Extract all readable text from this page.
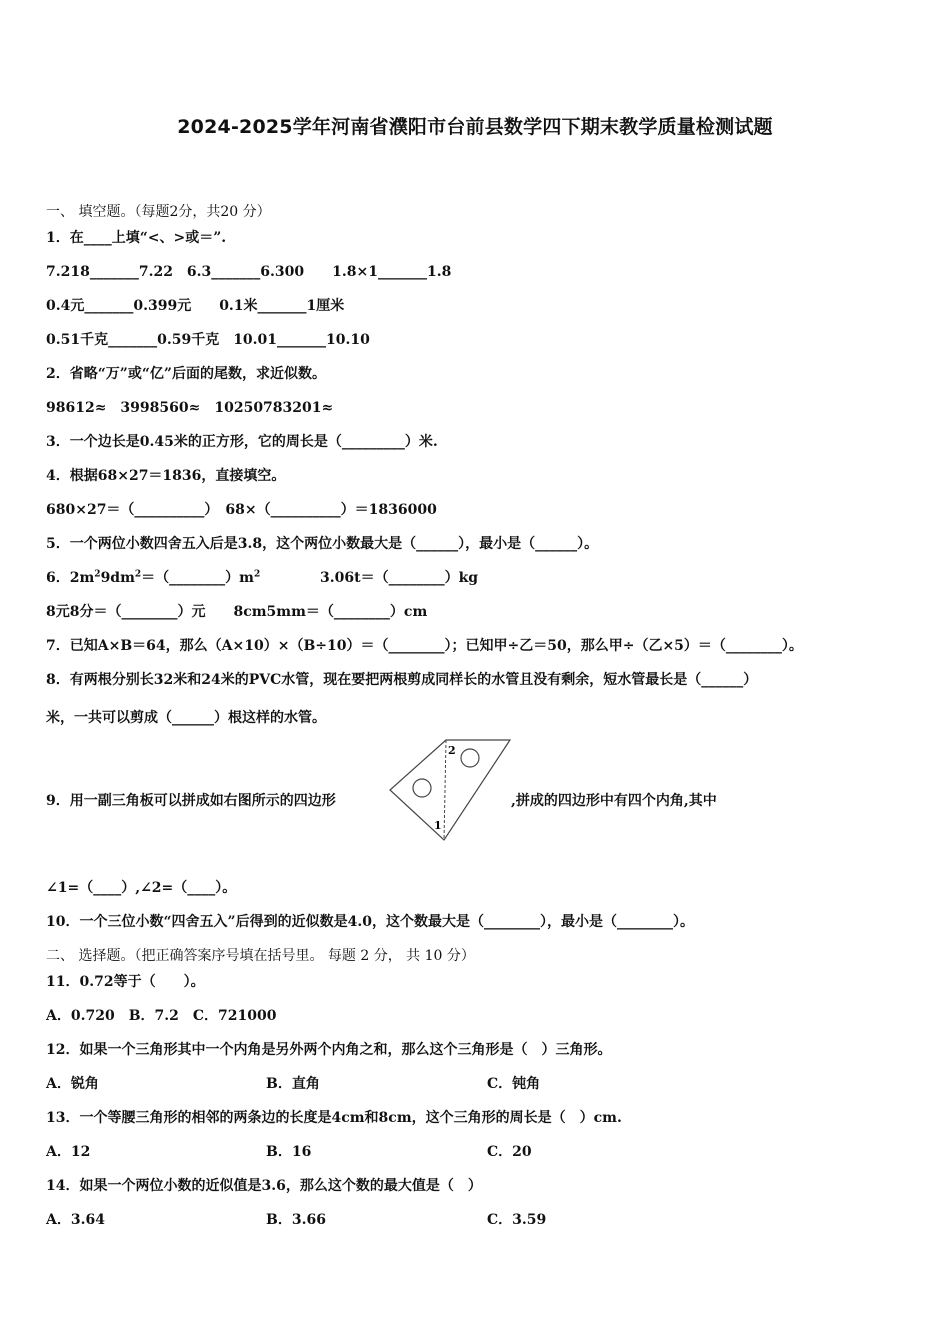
2024-2025学年河南省濮阳市台前县数学四下期末教学质量检测试题
一、 填空题。（每题2分，共20 分）
1．在____上填“<、>或＝”.
7.218_______7.22　6.3_______6.300　　1.8×1_______1.8
0.4元_______0.399元　　0.1米_______1厘米
0.51千克_______0.59千克　10.01_______10.10
2．省略“万”或“亿”后面的尾数，求近似数。
98612≈　3998560≈　10250783201≈
3．一个边长是0.45米的正方形，它的周长是（_________）米.
4．根据68×27＝1836，直接填空。
680×27＝（__________）　68×（__________）＝1836000
5．一个两位小数四舍五入后是3.8，这个两位小数最大是（______），最小是（______）。
6．$2m^29dm^2=(\_\_\_\_\_\_\_\_)m^2$	3.06t＝（________）kg
8元8分＝（________）元　　8cm5mm＝（________）cm
7．已知A×B＝64，那么（A×10）×（B÷10）＝（________）；已知甲÷乙＝50，那么甲÷（乙×5）＝（________）。
8．有两根分别长32米和24米的PVC水管，现在要把两根剪成同样长的水管且没有剩余，短水管最长是（______）
米，一共可以剪成（______）根这样的水管。
9．用一副三角板可以拼成如右图所示的四边形
1
2
,拼成的四边形中有四个内角,其中
∠1=（____）,∠2=（____）。
10．一个三位小数“四舍五入”后得到的近似数是4.0，这个数最大是（________），最小是（________）。
二、 选择题。（把正确答案序号填在括号里。 每题 2 分， 共 10 分）
11．0.72等于（　　）。
A．0.720　B．7.2　C．721000
12．如果一个三角形其中一个内角是另外两个内角之和，那么这个三角形是（　）三角形。
A．锐角	B．直角	C．钝角
13．一个等腰三角形的相邻的两条边的长度是4cm和8cm，这个三角形的周长是（　）cm.
A．12	B．16	C．20
14．如果一个两位小数的近似值是3.6，那么这个数的最大值是（　）
A．3.64	B．3.66	C．3.59
